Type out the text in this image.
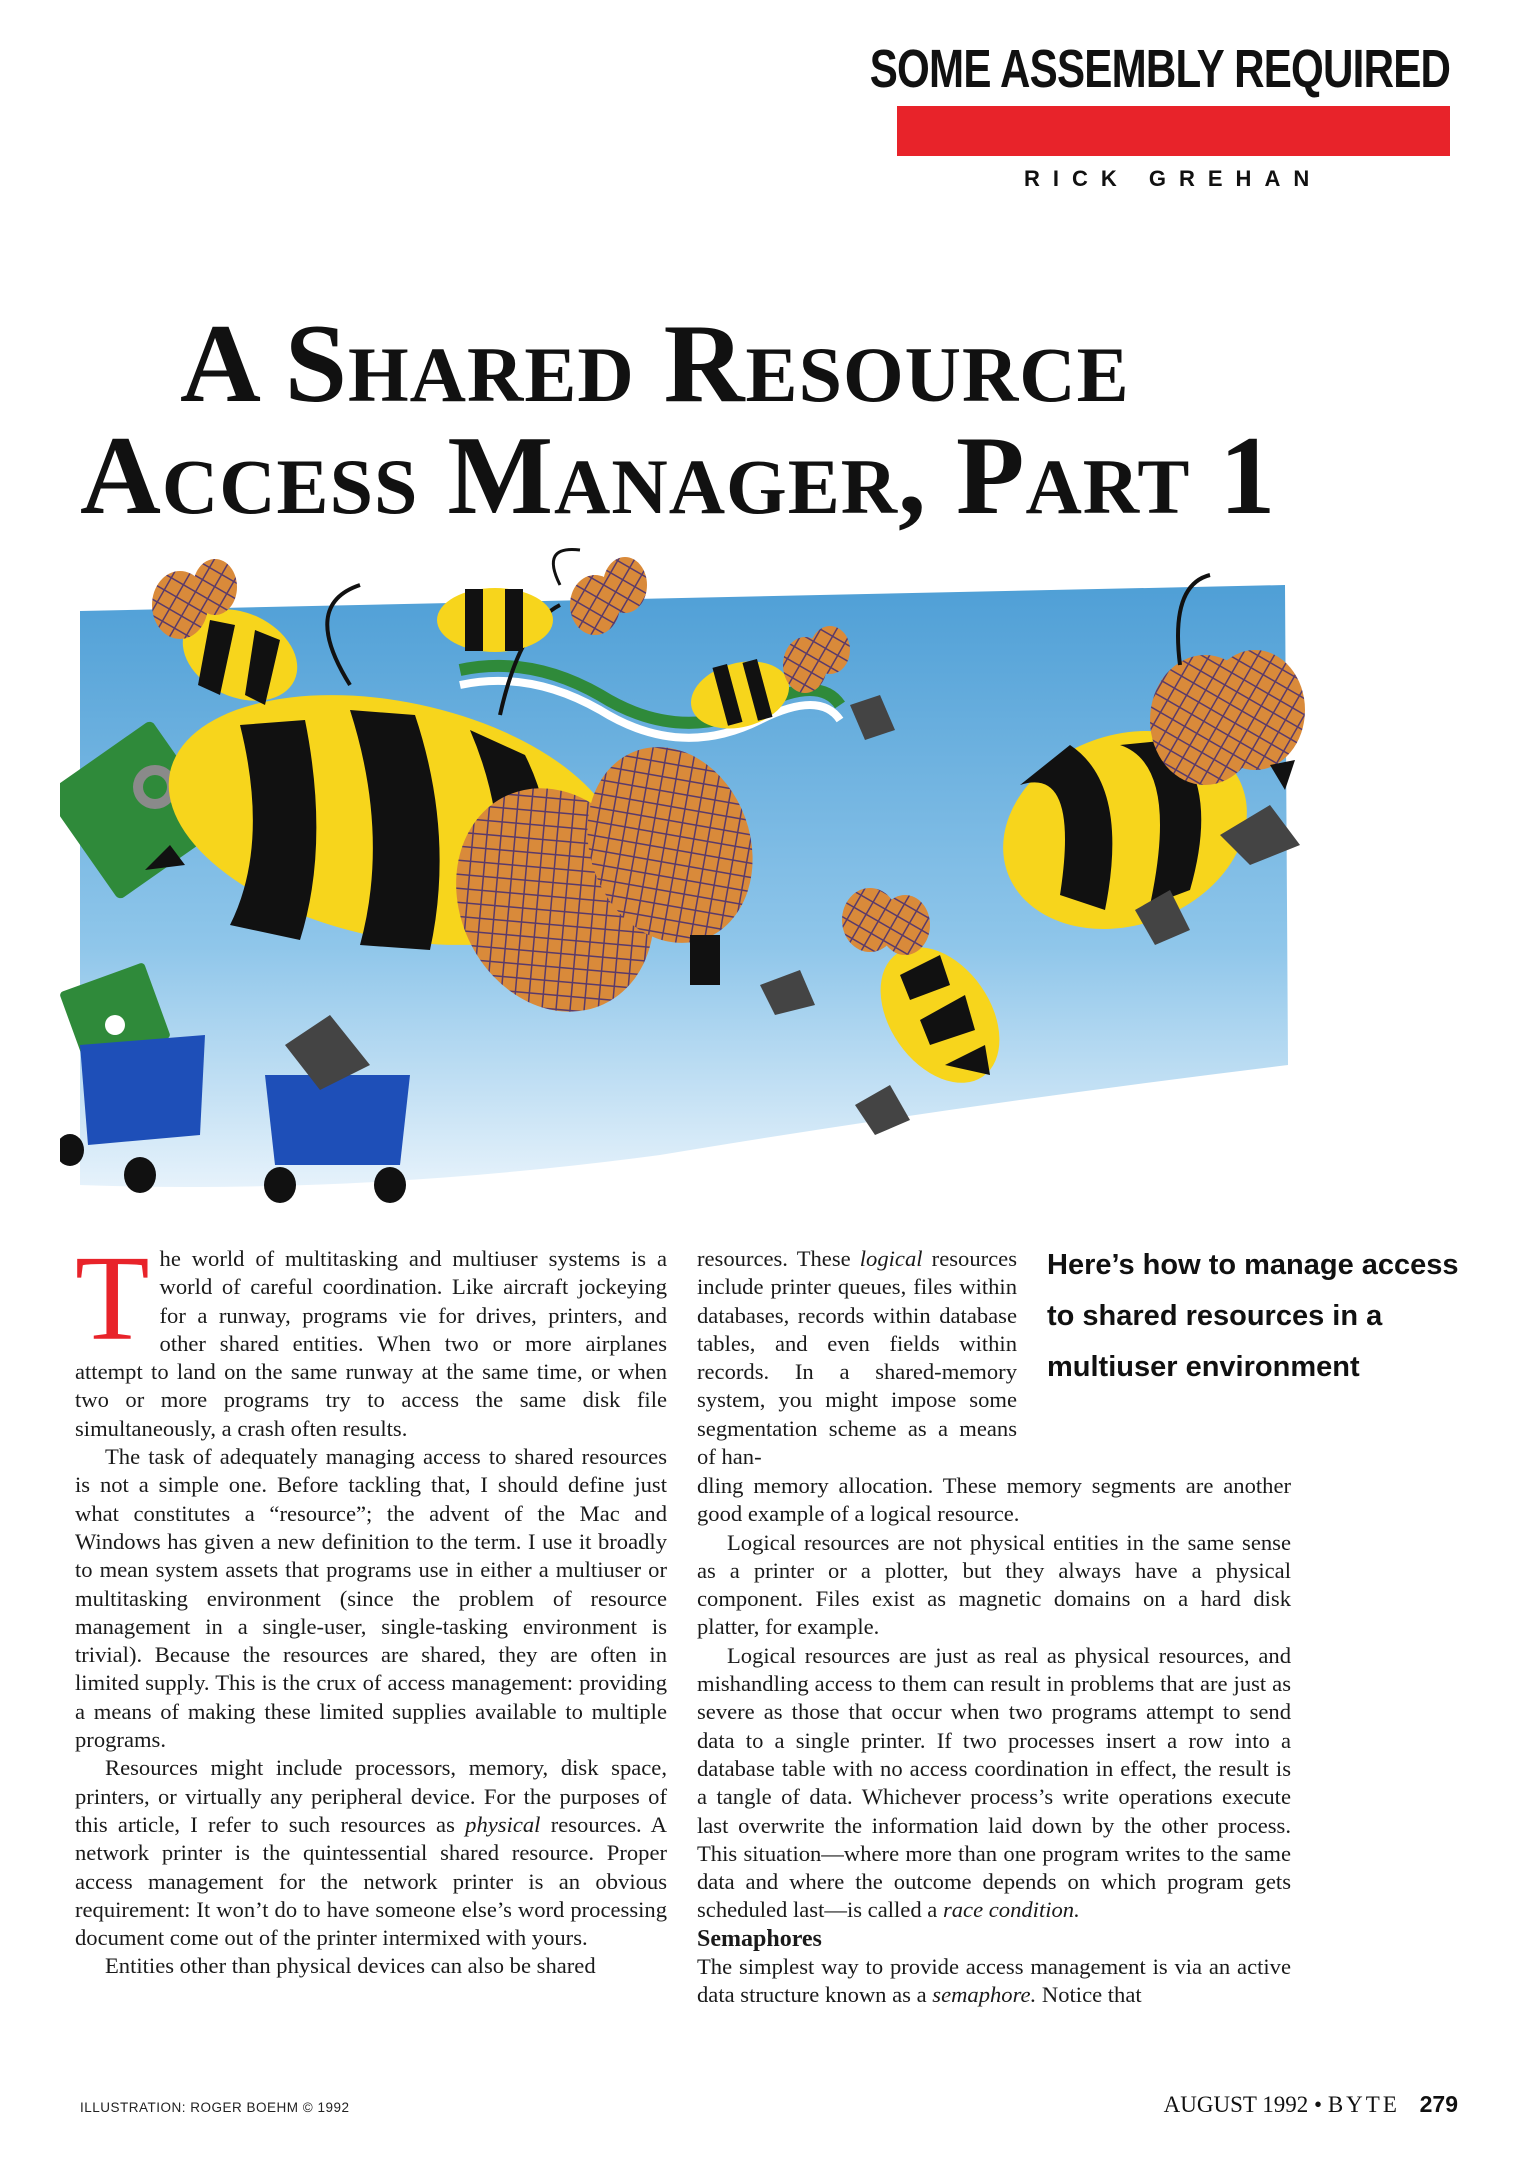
SOME ASSEMBLY REQUIRED
RICK GREHAN
A Shared Resource
Access Manager, Part 1

The world of multitasking and multiuser systems is a world of careful coordination. Like aircraft jockeying for a runway, programs vie for drives, printers, and other shared entities. When two or more airplanes attempt to land on the same runway at the same time, or when two or more programs try to access the same disk file simultaneously, a crash often results.

The task of adequately managing access to shared resources is not a simple one. Before tackling that, I should define just what constitutes a “resource”; the advent of the Mac and Windows has given a new definition to the term. I use it broadly to mean system assets that programs use in either a multiuser or multitasking environment (since the problem of resource management in a single-user, single-tasking environment is trivial). Because the resources are shared, they are often in limited supply. This is the crux of access management: providing a means of making these limited supplies available to multiple programs.

Resources might include processors, memory, disk space, printers, or virtually any peripheral device. For the purposes of this article, I refer to such resources as physical resources. A network printer is the quintessential shared resource. Proper access management for the network printer is an obvious requirement: It won’t do to have someone else’s word processing document come out of the printer intermixed with yours.

Entities other than physical devices can also be shared

resources. These logical resources include printer queues, files within databases, records within database tables, and even fields within records. In a shared-memory system, you might impose some segmentation scheme as a means of han-

Here’s how to manage access to shared resources in a multiuser environment

dling memory allocation. These memory segments are another good example of a logical resource.

Logical resources are not physical entities in the same sense as a printer or a plotter, but they always have a physical component. Files exist as magnetic domains on a hard disk platter, for example.

Logical resources are just as real as physical resources, and mishandling access to them can result in problems that are just as severe as those that occur when two programs attempt to send data to a single printer. If two processes insert a row into a database table with no access coordination in effect, the result is a tangle of data. Whichever process’s write operations execute last overwrite the information laid down by the other process. This situation—where more than one program writes to the same data and where the outcome depends on which program gets scheduled last—is called a race condition.

Semaphores

The simplest way to provide access management is via an active data structure known as a semaphore. Notice that

ILLUSTRATION: ROGER BOEHM © 1992	AUGUST 1992 • BYTE 279
